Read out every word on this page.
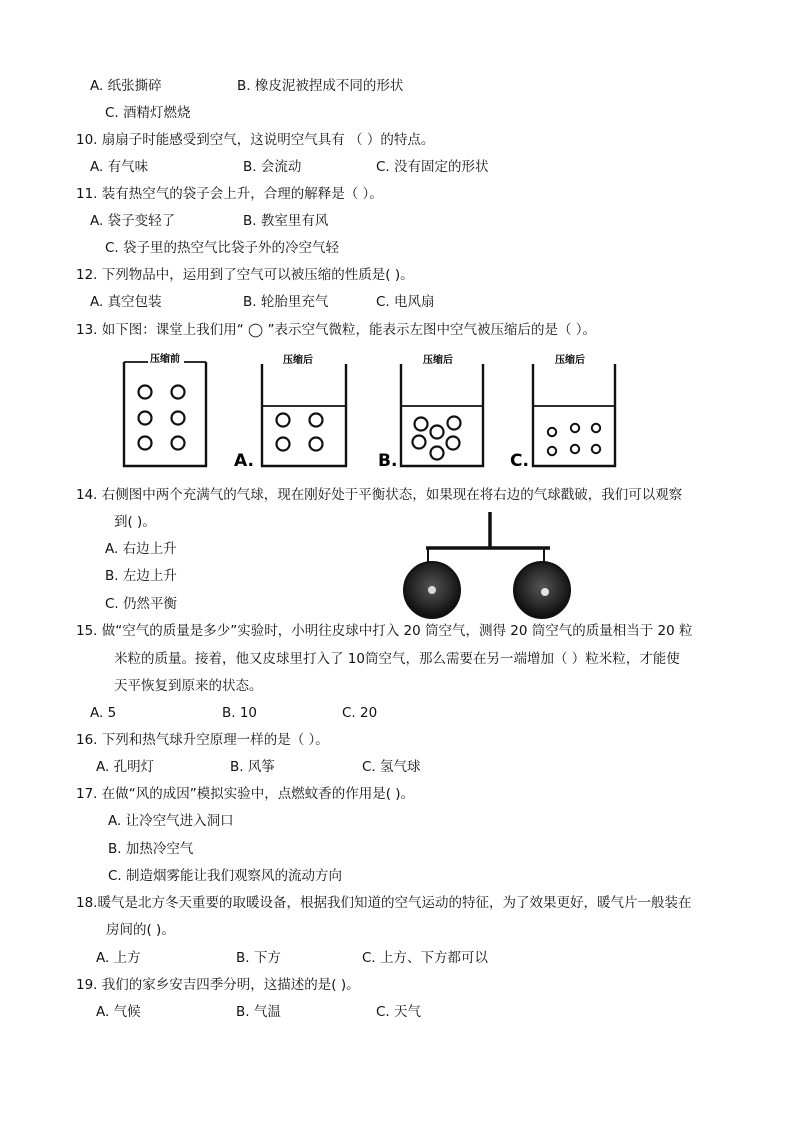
A. 纸张撕碎	B. 橡皮泥被捏成不同的形状
C. 酒精灯燃烧
10. 扇扇子时能感受到空气，这说明空气具有 （ ）的特点。
A. 有气味	B. 会流动	C. 没有固定的形状
11. 装有热空气的袋子会上升，合理的解释是（ ）。
A. 袋子变轻了	B. 教室里有风
C. 袋子里的热空气比袋子外的冷空气轻
12. 下列物品中，运用到了空气可以被压缩的性质是( )。
A. 真空包装	B. 轮胎里充气	C. 电风扇
13. 如下图：课堂上我们用“ ◯ ”表示空气微粒，能表示左图中空气被压缩后的是（ ）。
压缩前	压缩后
A.
压缩后
B.
压缩后
C.
14. 右侧图中两个充满气的气球，现在刚好处于平衡状态，如果现在将右边的气球戳破，我们可以观察
到( )。
A. 右边上升
B. 左边上升
C. 仍然平衡
15. 做“空气的质量是多少”实验时，小明往皮球中打入 20 筒空气，测得 20 筒空气的质量相当于 20 粒
米粒的质量。接着，他又皮球里打入了 10筒空气，那么需要在另一端增加（ ）粒米粒，才能使
天平恢复到原来的状态。
A. 5	B. 10	C. 20
16. 下列和热气球升空原理一样的是（ ）。
A. 孔明灯	B. 风筝	C. 氢气球
17. 在做“风的成因”模拟实验中，点燃蚊香的作用是( )。
A. 让冷空气进入洞口
B. 加热冷空气
C. 制造烟雾能让我们观察风的流动方向
18.暖气是北方冬天重要的取暖设备，根据我们知道的空气运动的特征，为了效果更好，暖气片一般装在
房间的( )。
A. 上方	B. 下方	C. 上方、下方都可以
19. 我们的家乡安吉四季分明，这描述的是( )。
A. 气候	B. 气温	C. 天气
